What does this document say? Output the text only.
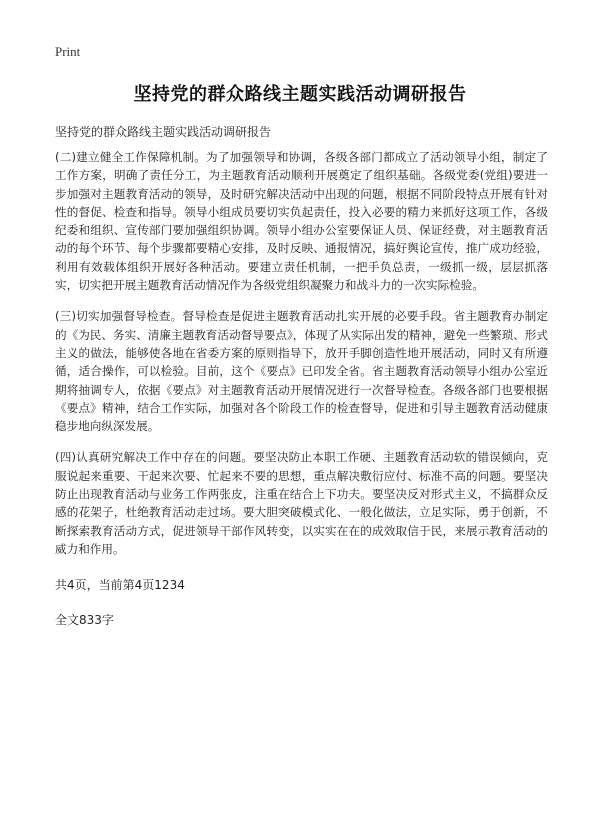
Print
坚持党的群众路线主题实践活动调研报告
坚持党的群众路线主题实践活动调研报告

(二)建立健全工作保障机制。为了加强领导和协调，各级各部门都成立了活动领导小组，制定了工作方案，明确了责任分工，为主题教育活动顺利开展奠定了组织基础。各级党委(党组)要进一步加强对主题教育活动的领导，及时研究解决活动中出现的问题，根据不同阶段特点开展有针对性的督促、检查和指导。领导小组成员要切实负起责任，投入必要的精力来抓好这项工作，各级纪委和组织、宣传部门要加强组织协调。领导小组办公室要保证人员、保证经费，对主题教育活动的每个环节、每个步骤都要精心安排，及时反映、通报情况，搞好舆论宣传，推广成功经验，利用有效载体组织开展好各种活动。要建立责任机制，一把手负总责，一级抓一级，层层抓落实，切实把开展主题教育活动情况作为各级党组织凝聚力和战斗力的一次实际检验。

(三)切实加强督导检查。督导检查是促进主题教育活动扎实开展的必要手段。省主题教育办制定的《为民、务实、清廉主题教育活动督导要点》，体现了从实际出发的精神，避免一些繁琐、形式主义的做法，能够使各地在省委方案的原则指导下，放开手脚创造性地开展活动，同时又有所遵循，适合操作，可以检验。目前，这个《要点》已印发全省。省主题教育活动领导小组办公室近期将抽调专人，依据《要点》对主题教育活动开展情况进行一次督导检查。各级各部门也要根据《要点》精神，结合工作实际，加强对各个阶段工作的检查督导，促进和引导主题教育活动健康稳步地向纵深发展。

(四)认真研究解决工作中存在的问题。要坚决防止本职工作硬、主题教育活动软的错误倾向，克服说起来重要、干起来次要、忙起来不要的思想，重点解决敷衍应付、标准不高的问题。要坚决防止出现教育活动与业务工作两张皮，注重在结合上下功夫。要坚决反对形式主义，不搞群众反感的花架子，杜绝教育活动走过场。要大胆突破模式化、一般化做法，立足实际，勇于创新，不断探索教育活动方式，促进领导干部作风转变，以实实在在的成效取信于民，来展示教育活动的威力和作用。

共4页，当前第4页1234
全文833字
